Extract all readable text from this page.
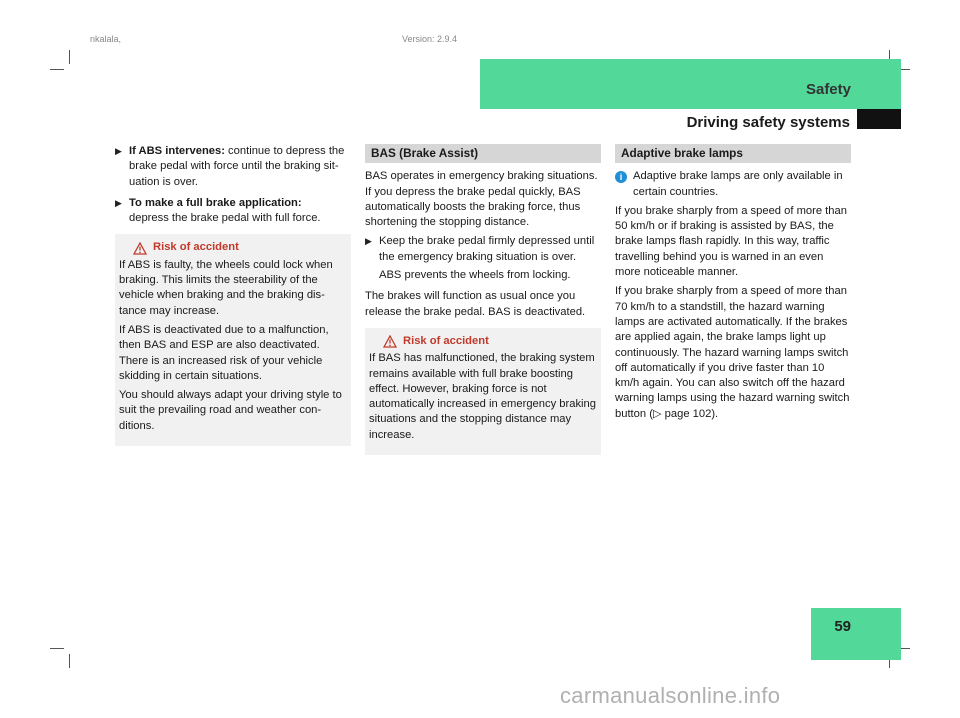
nkalala,	Version: 2.9.4
Safety
Driving safety systems
▶ If ABS intervenes: continue to depress the brake pedal with force until the braking situation is over.
▶ To make a full brake application:
depress the brake pedal with full force.
Risk of accident

If ABS is faulty, the wheels could lock when braking. This limits the steerability of the vehicle when braking and the braking distance may increase.

If ABS is deactivated due to a malfunction, then BAS and ESP are also deactivated. There is an increased risk of your vehicle skidding in certain situations.

You should always adapt your driving style to suit the prevailing road and weather conditions.

BAS (Brake Assist)

BAS operates in emergency braking situations. If you depress the brake pedal quickly, BAS automatically boosts the braking force, thus shortening the stopping distance.

▶ Keep the brake pedal firmly depressed until the emergency braking situation is over.
ABS prevents the wheels from locking.

The brakes will function as usual once you release the brake pedal. BAS is deactivated.

Risk of accident

If BAS has malfunctioned, the braking system remains available with full brake boosting effect. However, braking force is not automatically increased in emergency braking situations and the stopping distance may increase.

Adaptive brake lamps
i Adaptive brake lamps are only available in certain countries.

If you brake sharply from a speed of more than 50 km/h or if braking is assisted by BAS, the brake lamps flash rapidly. In this way, traffic travelling behind you is warned in an even more noticeable manner.

If you brake sharply from a speed of more than 70 km/h to a standstill, the hazard warning lamps are activated automatically. If the brakes are applied again, the brake lamps light up continuously. The hazard warning lamps switch off automatically if you drive faster than 10 km/h again. You can also switch off the hazard warning lamps using the hazard warning switch button (▷ page 102).

59
carmanualsonline.info
